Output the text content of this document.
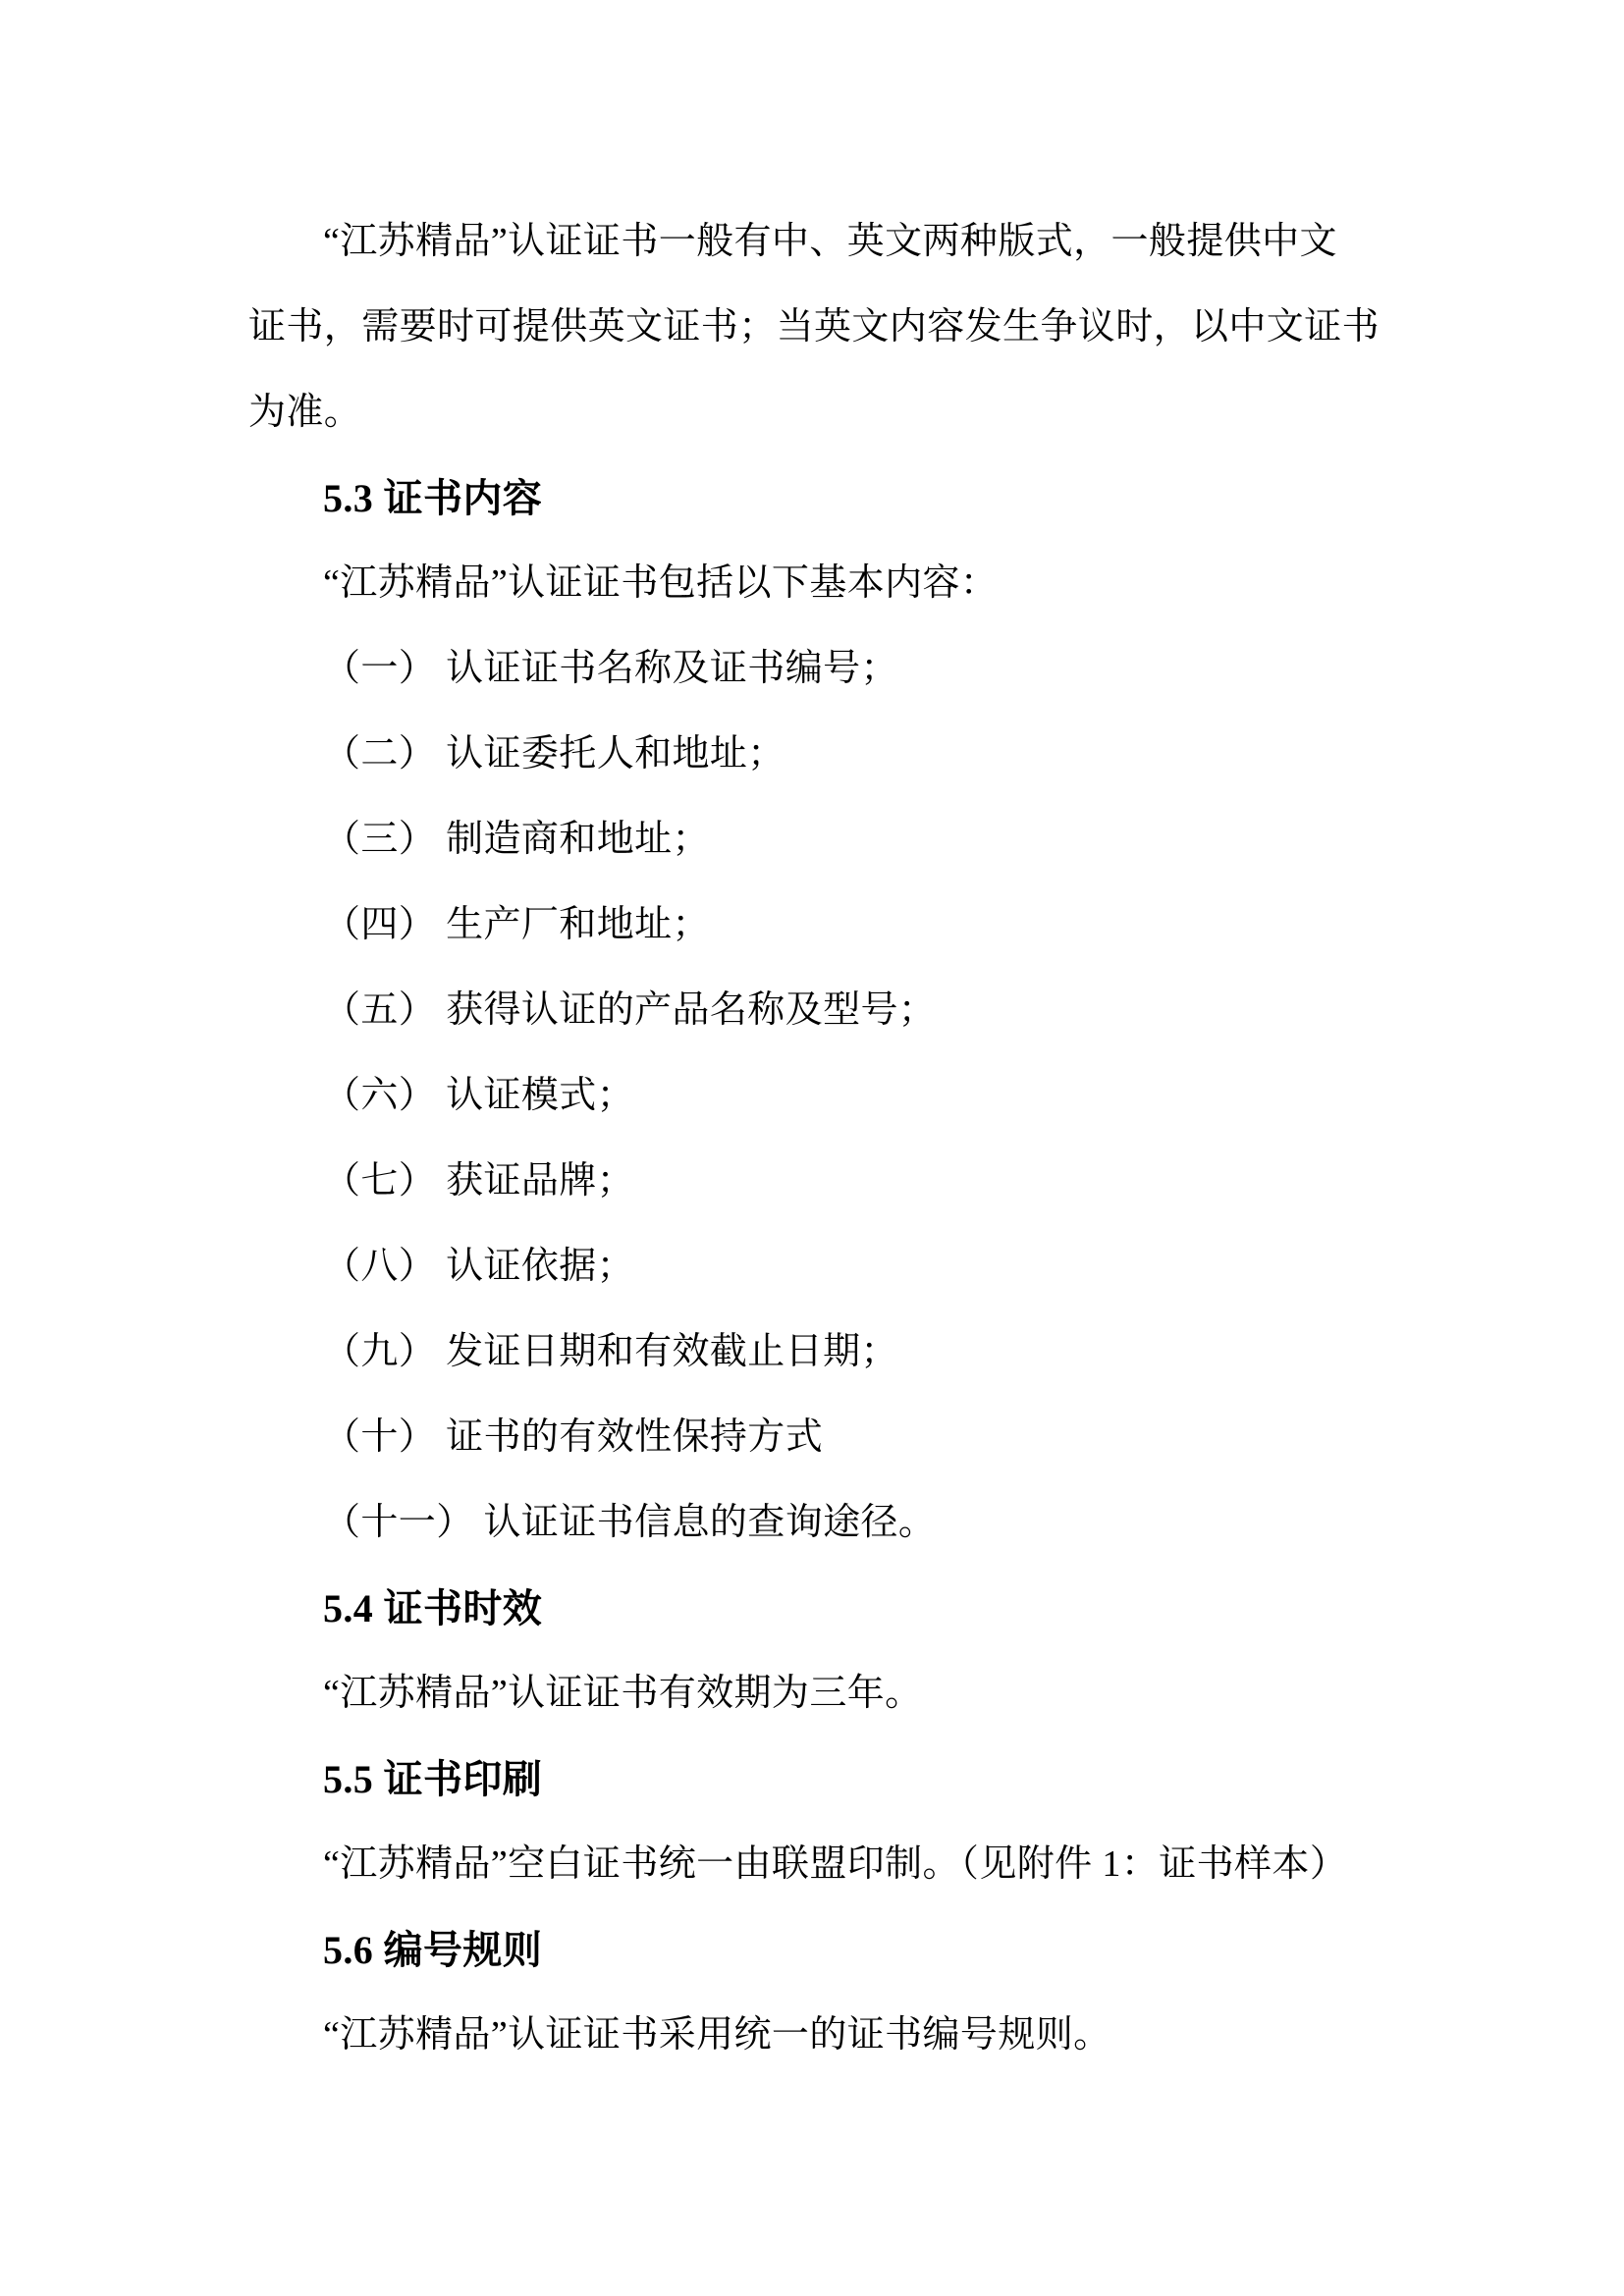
“江苏精品”认证证书一般有中、英文两种版式，一般提供中文

证书，需要时可提供英文证书；当英文内容发生争议时，以中文证书

为准。

5.3 证书内容

“江苏精品”认证证书包括以下基本内容：

（一） 认证证书名称及证书编号；

（二） 认证委托人和地址；

（三） 制造商和地址；

（四） 生产厂和地址；

（五） 获得认证的产品名称及型号；

（六） 认证模式；

（七） 获证品牌；

（八） 认证依据；

（九） 发证日期和有效截止日期；

（十） 证书的有效性保持方式

（十一） 认证证书信息的查询途径。

5.4 证书时效

“江苏精品”认证证书有效期为三年。

5.5 证书印刷

“江苏精品”空白证书统一由联盟印制。（见附件 1：证书样本）

5.6 编号规则

“江苏精品”认证证书采用统一的证书编号规则。
